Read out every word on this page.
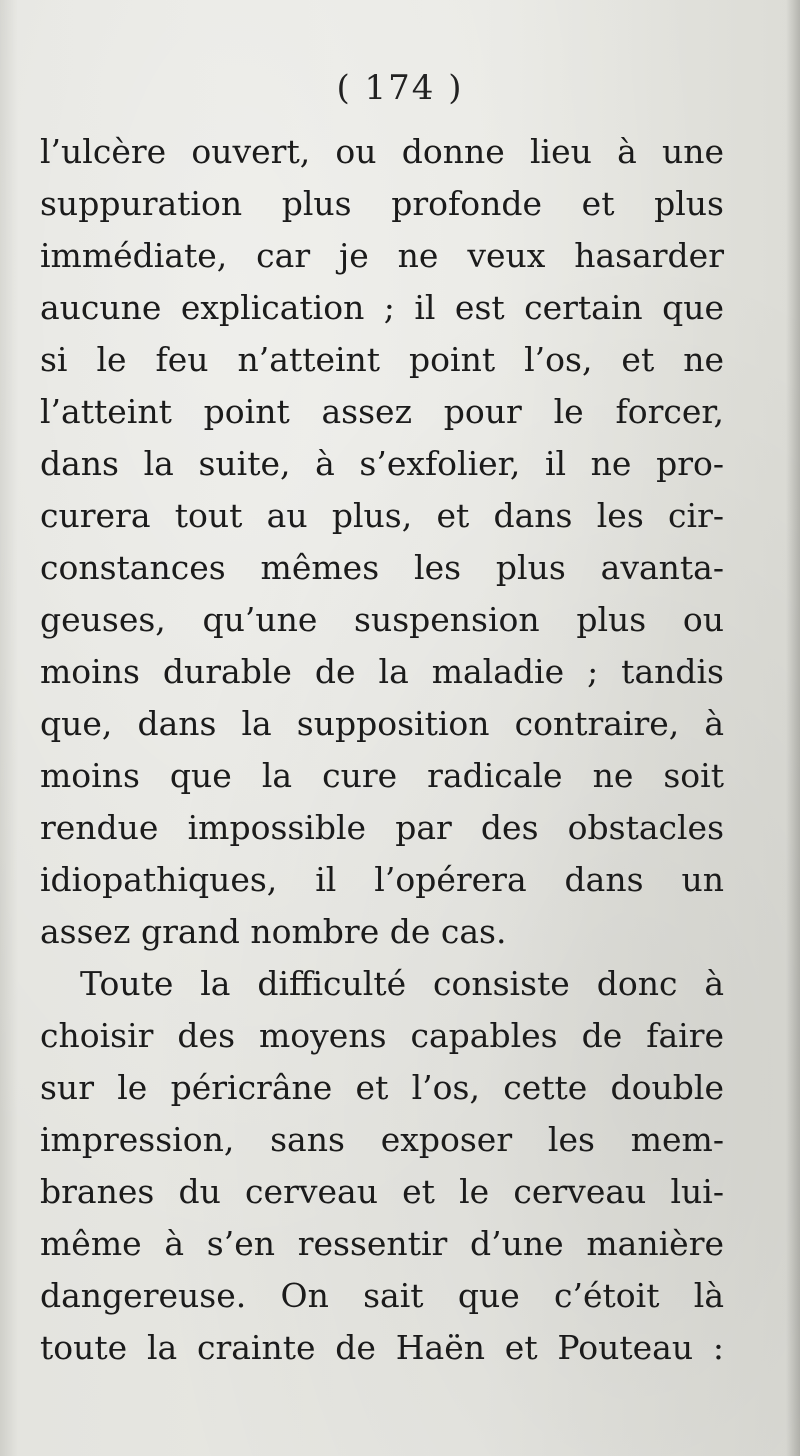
( 174 )
l’ulcère ouvert, ou donne lieu à une
suppuration plus profonde et plus
immédiate, car je ne veux hasarder
aucune explication ; il est certain que
si le feu n’atteint point l’os, et ne
l’atteint point assez pour le forcer,
dans la suite, à s’exfolier, il ne pro-
curera tout au plus, et dans les cir-
constances mêmes les plus avanta-
geuses, qu’une suspension plus ou
moins durable de la maladie ; tandis
que, dans la supposition contraire, à
moins que la cure radicale ne soit
rendue impossible par des obstacles
idiopathiques, il l’opérera dans un
assez grand nombre de cas.
Toute la difficulté consiste donc à
choisir des moyens capables de faire
sur le péricrâne et l’os, cette double
impression, sans exposer les mem-
branes du cerveau et le cerveau lui-
même à s’en ressentir d’une manière
dangereuse. On sait que c’étoit là
toute la crainte de Haën et Pouteau :
